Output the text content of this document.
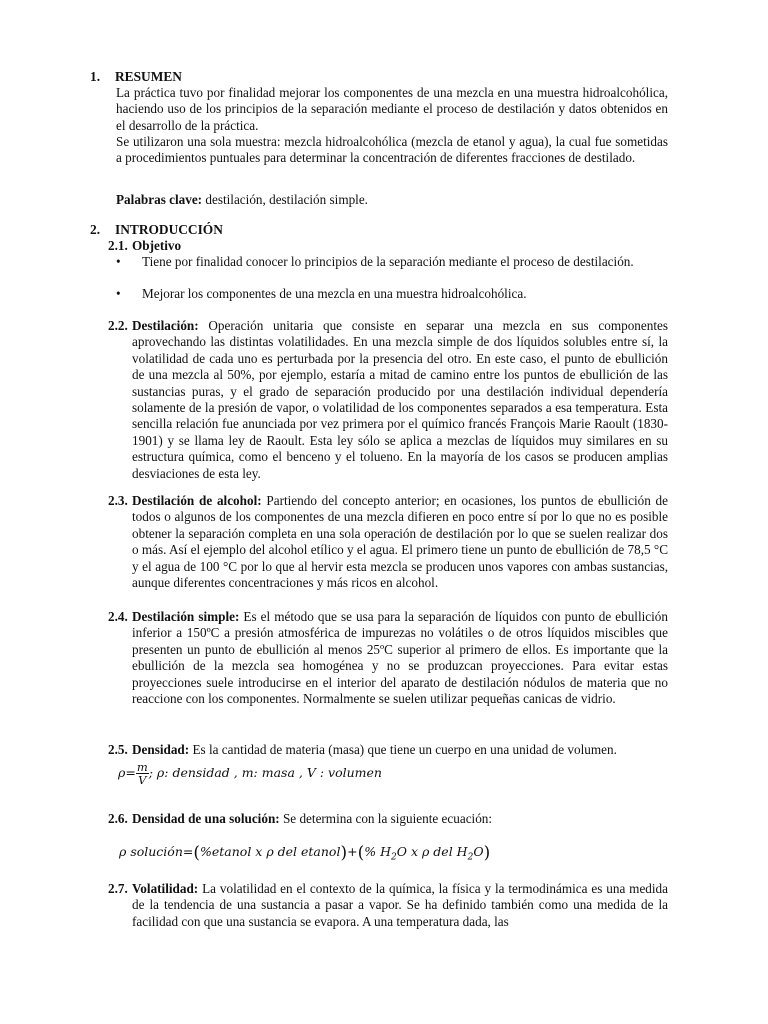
1. RESUMEN
La práctica tuvo por finalidad mejorar los componentes de una mezcla en una muestra hidroalcohólica, haciendo uso de los principios de la separación mediante el proceso de destilación y datos obtenidos en el desarrollo de la práctica.
Se utilizaron una sola muestra: mezcla hidroalcohólica (mezcla de etanol y agua), la cual fue sometidas a procedimientos puntuales para determinar la concentración de diferentes fracciones de destilado.
Palabras clave: destilación, destilación simple.
2. INTRODUCCIÓN
2.1. Objetivo
• Tiene por finalidad conocer lo principios de la separación mediante el proceso de destilación.
• Mejorar los componentes de una mezcla en una muestra hidroalcohólica.
2.2. Destilación: Operación unitaria que consiste en separar una mezcla en sus componentes aprovechando las distintas volatilidades. En una mezcla simple de dos líquidos solubles entre sí, la volatilidad de cada uno es perturbada por la presencia del otro. En este caso, el punto de ebullición de una mezcla al 50%, por ejemplo, estaría a mitad de camino entre los puntos de ebullición de las sustancias puras, y el grado de separación producido por una destilación individual dependería solamente de la presión de vapor, o volatilidad de los componentes separados a esa temperatura. Esta sencilla relación fue anunciada por vez primera por el químico francés François Marie Raoult (1830-1901) y se llama ley de Raoult. Esta ley sólo se aplica a mezclas de líquidos muy similares en su estructura química, como el benceno y el tolueno. En la mayoría de los casos se producen amplias desviaciones de esta ley.
2.3. Destilación de alcohol: Partiendo del concepto anterior; en ocasiones, los puntos de ebullición de todos o algunos de los componentes de una mezcla difieren en poco entre sí por lo que no es posible obtener la separación completa en una sola operación de destilación por lo que se suelen realizar dos o más. Así el ejemplo del alcohol etílico y el agua. El primero tiene un punto de ebullición de 78,5 °C y el agua de 100 °C por lo que al hervir esta mezcla se producen unos vapores con ambas sustancias, aunque diferentes concentraciones y más ricos en alcohol.
2.4. Destilación simple: Es el método que se usa para la separación de líquidos con punto de ebullición inferior a 150ºC a presión atmosférica de impurezas no volátiles o de otros líquidos miscibles que presenten un punto de ebullición al menos 25ºC superior al primero de ellos. Es importante que la ebullición de la mezcla sea homogénea y no se produzcan proyecciones. Para evitar estas proyecciones suele introducirse en el interior del aparato de destilación nódulos de materia que no reaccione con los componentes. Normalmente se suelen utilizar pequeñas canicas de vidrio.
2.5. Densidad: Es la cantidad de materia (masa) que tiene un cuerpo en una unidad de volumen.
$\rho= \frac{m}{V}$ ; ρ: densidad , m: masa , V : volumen
2.6. Densidad de una solución: Se determina con la siguiente ecuación:
ρ solución=(%etanol x ρ del etanol)+(% $H_2O$ x ρ del $H_2O$)
2.7. Volatilidad: La volatilidad en el contexto de la química, la física y la termodinámica es una medida de la tendencia de una sustancia a pasar a vapor. Se ha definido también como una medida de la facilidad con que una sustancia se evapora. A una temperatura dada, las
